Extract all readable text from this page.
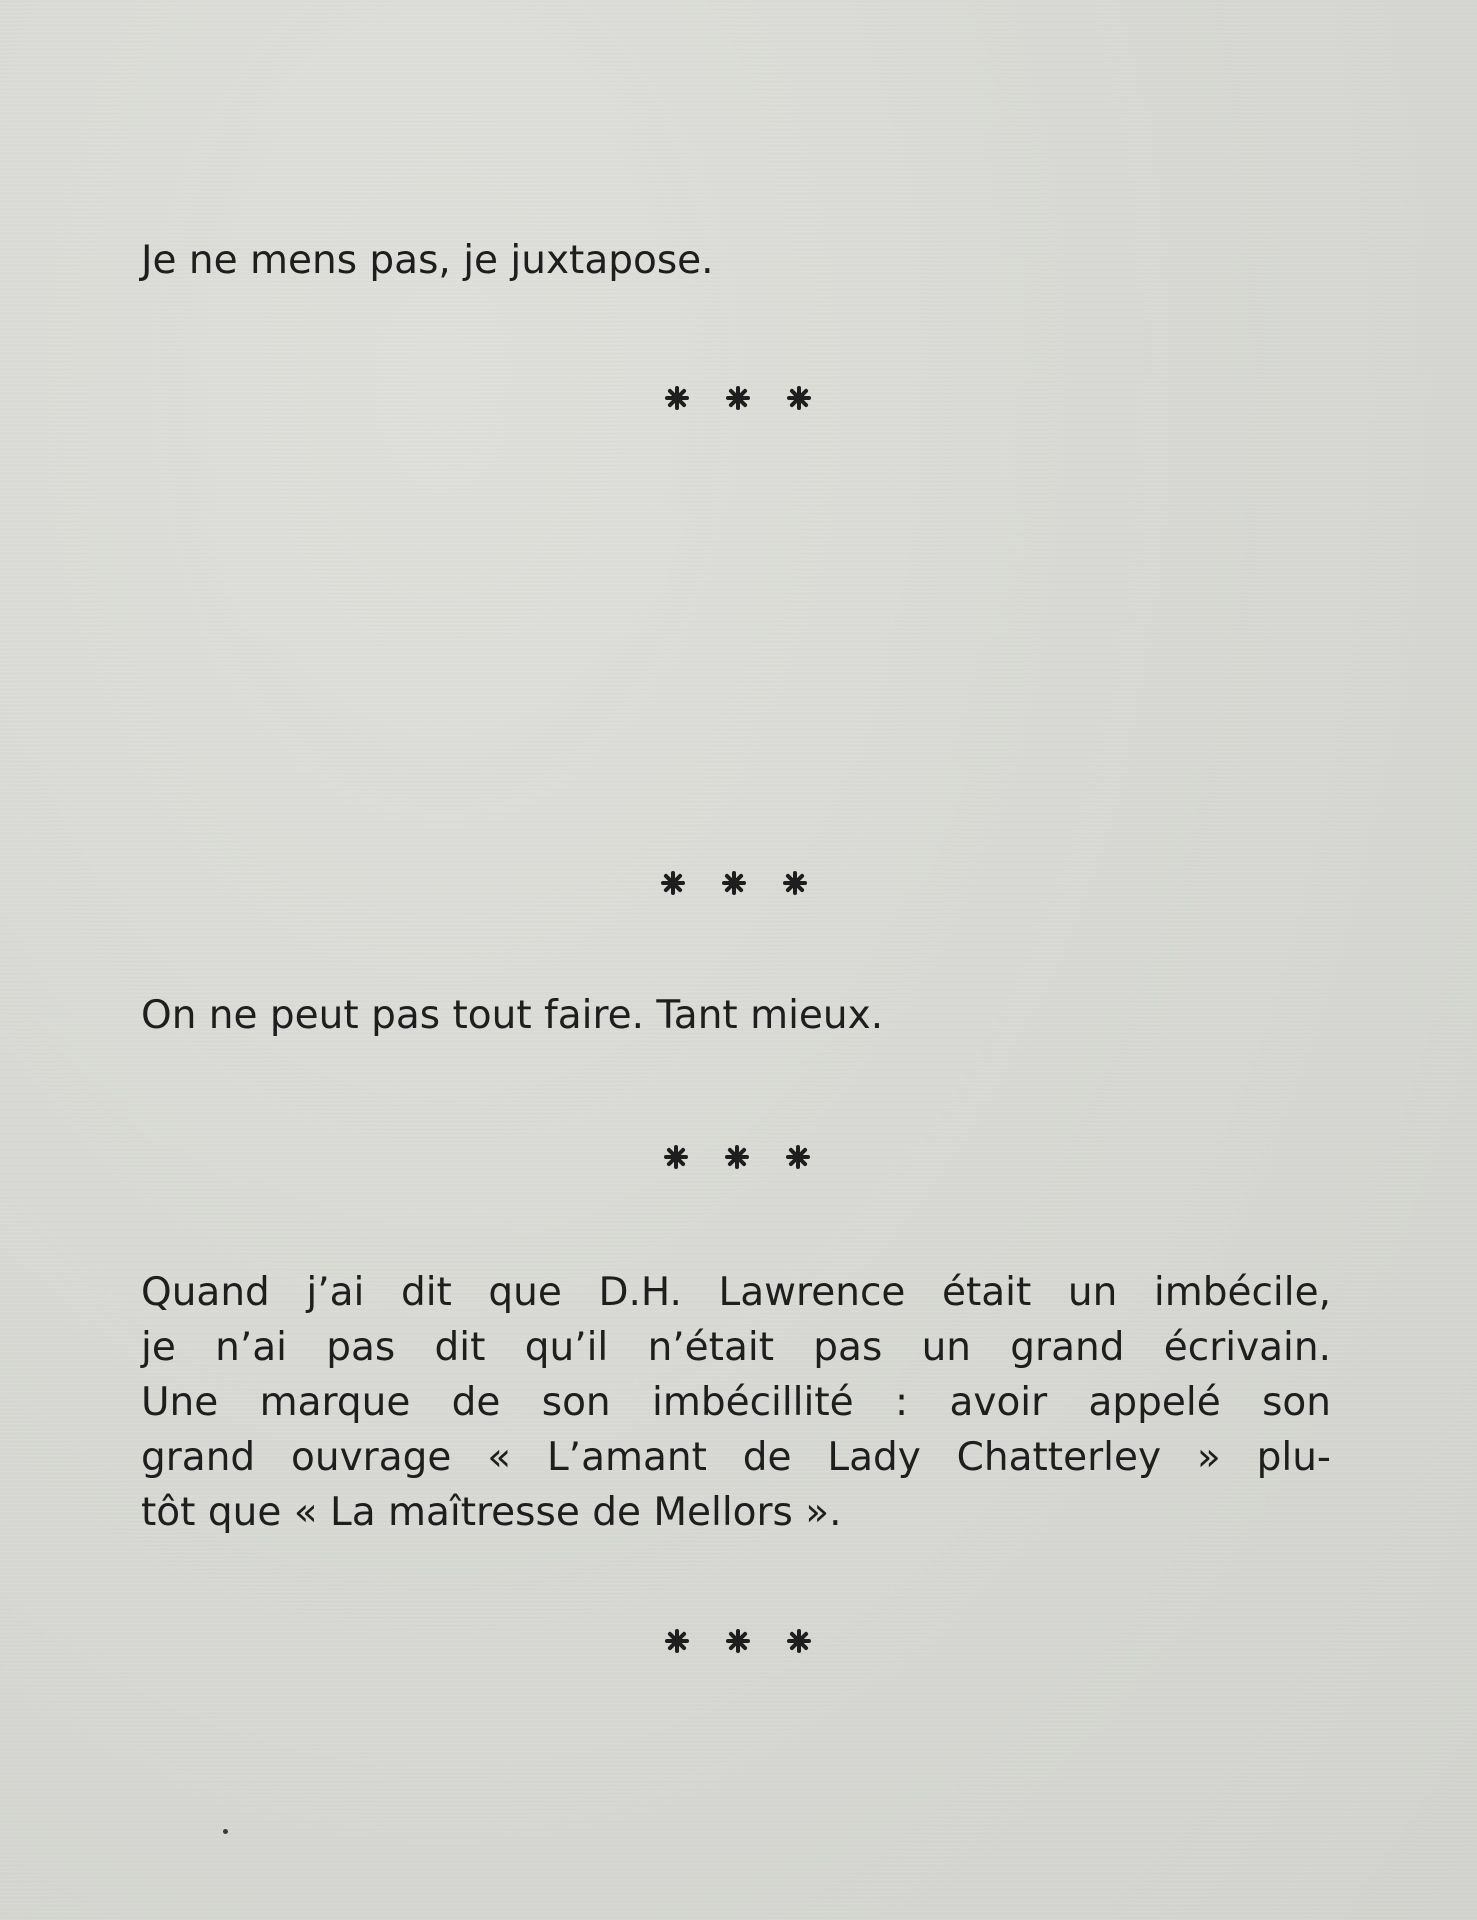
Je ne mens pas, je juxtapose.
On ne peut pas tout faire. Tant mieux.
Quand j’ai dit que D.H. Lawrence était un imbécile,
je n’ai pas dit qu’il n’était pas un grand écrivain.
Une marque de son imbécillité : avoir appelé son
grand ouvrage « L’amant de Lady Chatterley » plu-
tôt que « La maîtresse de Mellors ».
